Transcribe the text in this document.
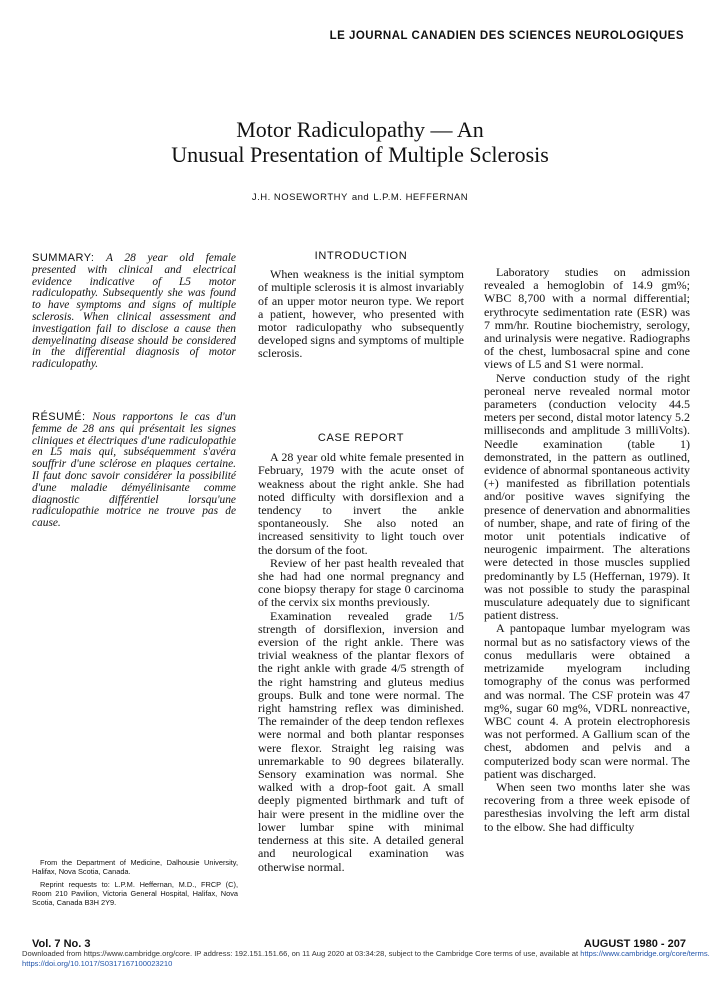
LE JOURNAL CANADIEN DES SCIENCES NEUROLOGIQUES
Motor Radiculopathy — An
Unusual Presentation of Multiple Sclerosis
J.H. NOSEWORTHY and L.P.M. HEFFERNAN

SUMMARY: A 28 year old female presented with clinical and electrical evidence indicative of L5 motor radiculopathy. Subsequently she was found to have symptoms and signs of multiple sclerosis. When clinical assessment and investigation fail to disclose a cause then demyelinating disease should be considered in the differential diagnosis of motor radiculopathy.

RÉSUMÉ: Nous rapportons le cas d'un femme de 28 ans qui présentait les signes cliniques et électriques d'une radiculopathie en L5 mais qui, subséquemment s'avéra souffrir d'une sclérose en plaques certaine. Il faut donc savoir considérer la possibilité d'une maladie démyélinisante comme diagnostic différentiel lorsqu'une radiculopathie motrice ne trouve pas de cause.

From the Department of Medicine, Dalhousie University, Halifax, Nova Scotia, Canada.

Reprint requests to: L.P.M. Heffernan, M.D., FRCP (C), Room 210 Pavilion, Victoria General Hospital, Halifax, Nova Scotia, Canada B3H 2Y9.

INTRODUCTION

When weakness is the initial symptom of multiple sclerosis it is almost invariably of an upper motor neuron type. We report a patient, however, who presented with motor radiculopathy who subsequently developed signs and symptoms of multiple sclerosis.

CASE REPORT

A 28 year old white female presented in February, 1979 with the acute onset of weakness about the right ankle. She had noted difficulty with dorsiflexion and a tendency to invert the ankle spontaneously. She also noted an increased sensitivity to light touch over the dorsum of the foot.

Review of her past health revealed that she had had one normal pregnancy and cone biopsy therapy for stage 0 carcinoma of the cervix six months previously.

Examination revealed grade 1/5 strength of dorsiflexion, inversion and eversion of the right ankle. There was trivial weakness of the plantar flexors of the right ankle with grade 4/5 strength of the right hamstring and gluteus medius groups. Bulk and tone were normal. The right hamstring reflex was diminished. The remainder of the deep tendon reflexes were normal and both plantar responses were flexor. Straight leg raising was unremarkable to 90 degrees bilaterally. Sensory examination was normal. She walked with a drop-foot gait. A small deeply pigmented birthmark and tuft of hair were present in the midline over the lower lumbar spine with minimal tenderness at this site. A detailed general and neurological examination was otherwise normal.

Laboratory studies on admission revealed a hemoglobin of 14.9 gm%; WBC 8,700 with a normal differential; erythrocyte sedimentation rate (ESR) was 7 mm/hr. Routine biochemistry, serology, and urinalysis were negative. Radiographs of the chest, lumbosacral spine and cone views of L5 and S1 were normal.

Nerve conduction study of the right peroneal nerve revealed normal motor parameters (conduction velocity 44.5 meters per second, distal motor latency 5.2 milliseconds and amplitude 3 milliVolts). Needle examination (table 1) demonstrated, in the pattern as outlined, evidence of abnormal spontaneous activity (+) manifested as fibrillation potentials and/or positive waves signifying the presence of denervation and abnormalities of number, shape, and rate of firing of the motor unit potentials indicative of neurogenic impairment. The alterations were detected in those muscles supplied predominantly by L5 (Heffernan, 1979). It was not possible to study the paraspinal musculature adequately due to significant patient distress.

A pantopaque lumbar myelogram was normal but as no satisfactory views of the conus medullaris were obtained a metrizamide myelogram including tomography of the conus was performed and was normal. The CSF protein was 47 mg%, sugar 60 mg%, VDRL nonreactive, WBC count 4. A protein electrophoresis was not performed. A Gallium scan of the chest, abdomen and pelvis and a computerized body scan were normal. The patient was discharged.

When seen two months later she was recovering from a three week episode of paresthesias involving the left arm distal to the elbow. She had difficulty

Vol. 7 No. 3	AUGUST 1980 - 207
Downloaded from https://www.cambridge.org/core. IP address: 192.151.151.66, on 11 Aug 2020 at 03:34:28, subject to the Cambridge Core terms of use, available at https://www.cambridge.org/core/terms. https://doi.org/10.1017/S0317167100023210
